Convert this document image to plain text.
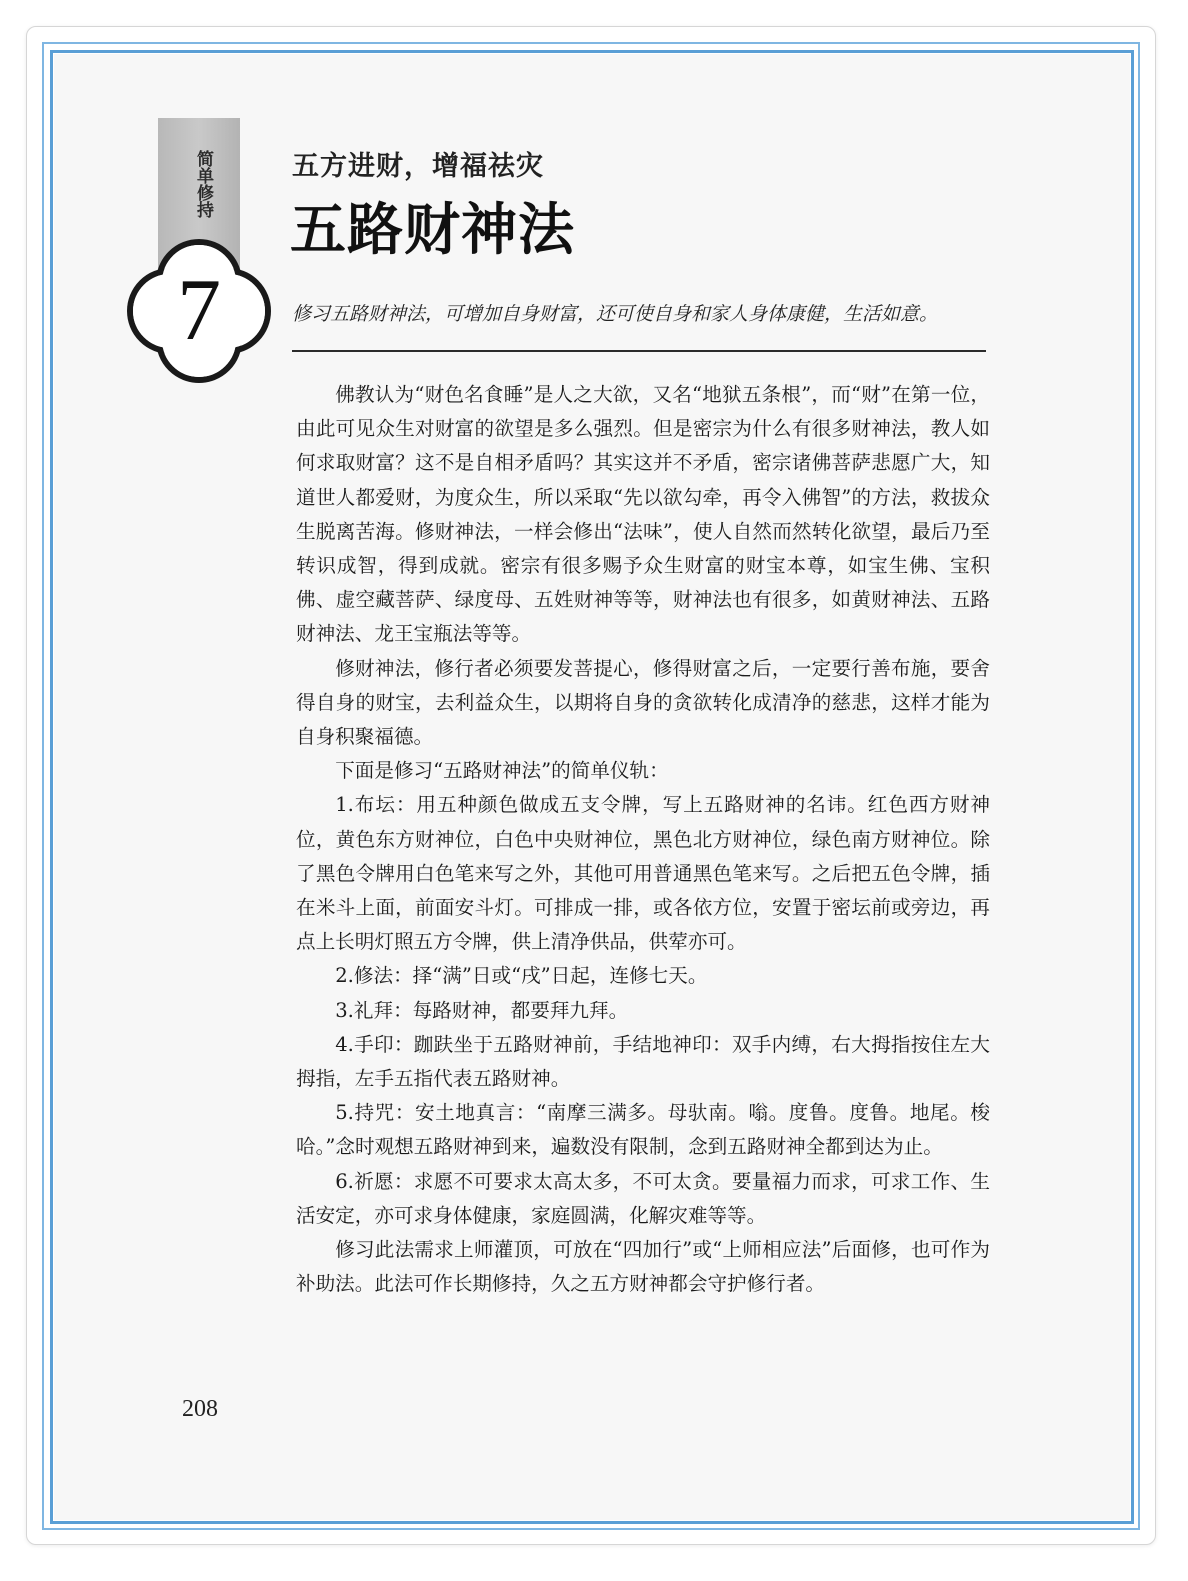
简单修持
7
五方进财，增福祛灾
五路财神法
修习五路财神法，可增加自身财富，还可使自身和家人身体康健，生活如意。

佛教认为“财色名食睡”是人之大欲，又名“地狱五条根”，而“财”在第一位，由此可见众生对财富的欲望是多么强烈。但是密宗为什么有很多财神法，教人如何求取财富？这不是自相矛盾吗？其实这并不矛盾，密宗诸佛菩萨悲愿广大，知道世人都爱财，为度众生，所以采取“先以欲勾牵，再令入佛智”的方法，救拔众生脱离苦海。修财神法，一样会修出“法味”，使人自然而然转化欲望，最后乃至转识成智，得到成就。密宗有很多赐予众生财富的财宝本尊，如宝生佛、宝积佛、虚空藏菩萨、绿度母、五姓财神等等，财神法也有很多，如黄财神法、五路财神法、龙王宝瓶法等等。

修财神法，修行者必须要发菩提心，修得财富之后，一定要行善布施，要舍得自身的财宝，去利益众生，以期将自身的贪欲转化成清净的慈悲，这样才能为自身积聚福德。

下面是修习“五路财神法”的简单仪轨：

1.布坛：用五种颜色做成五支令牌，写上五路财神的名讳。红色西方财神位，黄色东方财神位，白色中央财神位，黑色北方财神位，绿色南方财神位。除了黑色令牌用白色笔来写之外，其他可用普通黑色笔来写。之后把五色令牌，插在米斗上面，前面安斗灯。可排成一排，或各依方位，安置于密坛前或旁边，再点上长明灯照五方令牌，供上清净供品，供荤亦可。

2.修法：择“满”日或“戌”日起，连修七天。

3.礼拜：每路财神，都要拜九拜。

4.手印：跏趺坐于五路财神前，手结地神印：双手内缚，右大拇指按住左大拇指，左手五指代表五路财神。

5.持咒：安土地真言：“南摩三满多。母驮南。嗡。度鲁。度鲁。地尾。梭哈。”念时观想五路财神到来，遍数没有限制，念到五路财神全都到达为止。

6.祈愿：求愿不可要求太高太多，不可太贪。要量福力而求，可求工作、生活安定，亦可求身体健康，家庭圆满，化解灾难等等。

修习此法需求上师灌顶，可放在“四加行”或“上师相应法”后面修，也可作为补助法。此法可作长期修持，久之五方财神都会守护修行者。

208
